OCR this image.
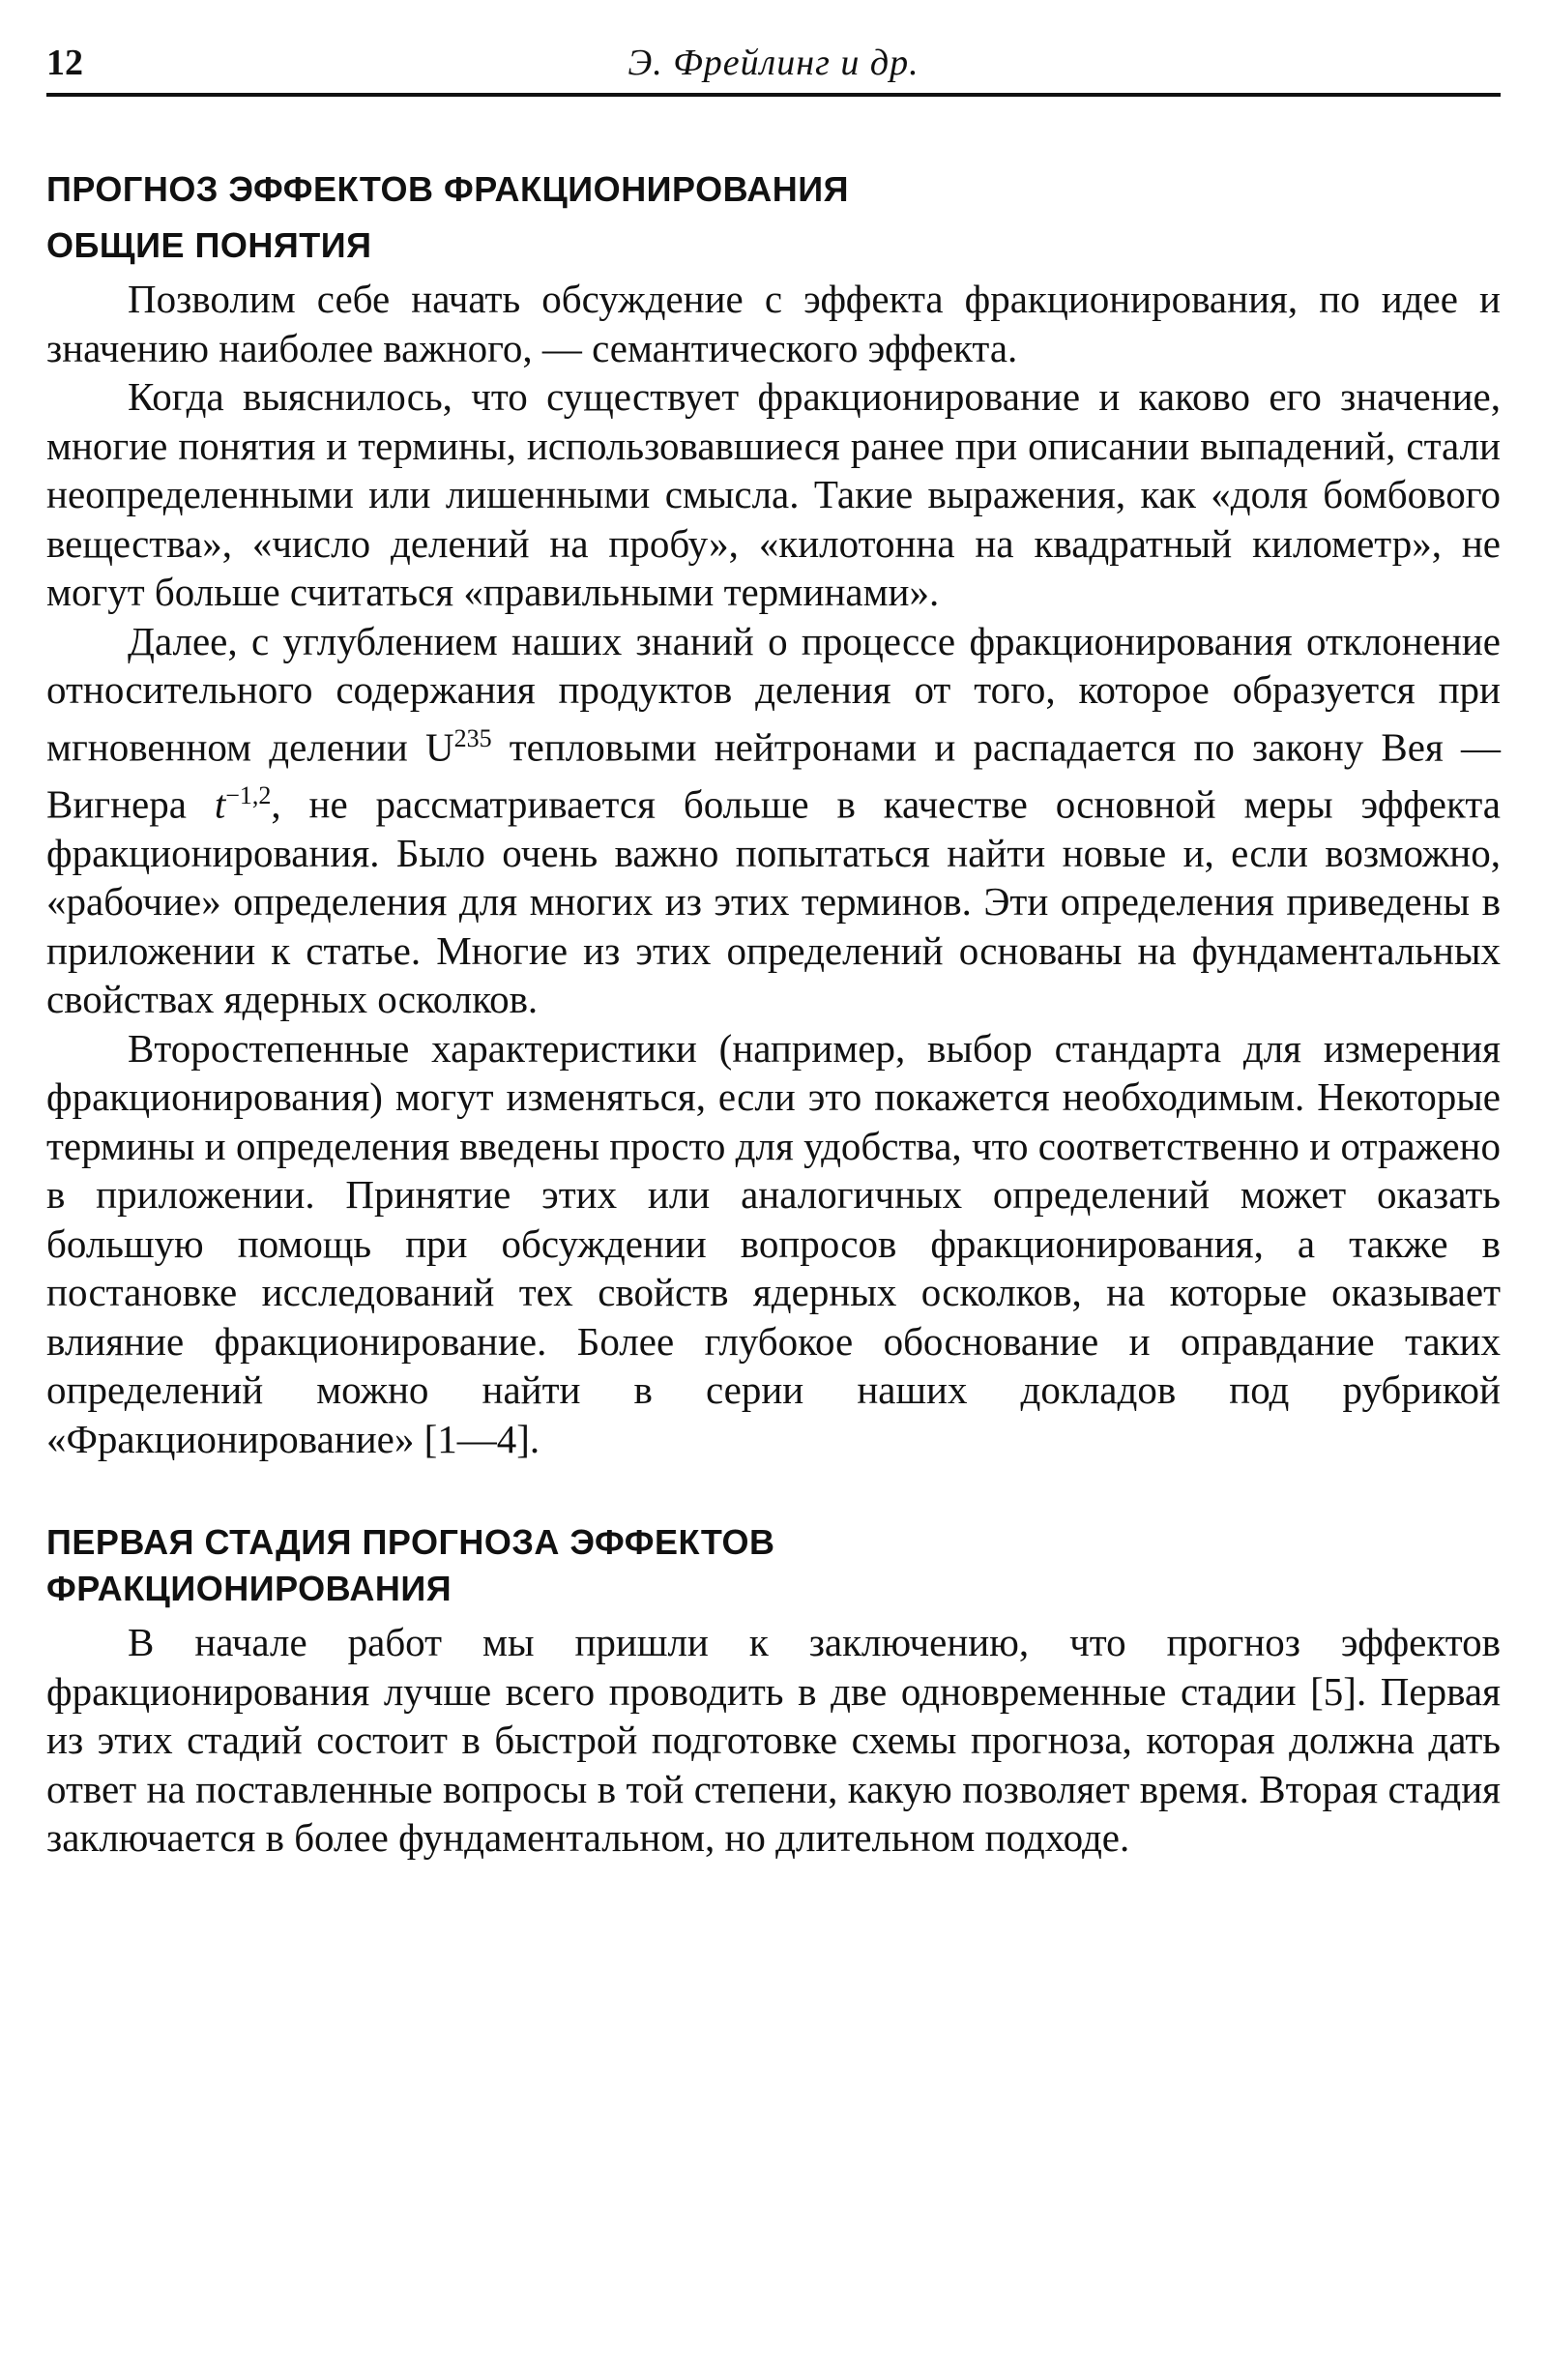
12	Э. Фрейлинг и др.
ПРОГНОЗ ЭФФЕКТОВ ФРАКЦИОНИРОВАНИЯ
ОБЩИЕ ПОНЯТИЯ

Позволим себе начать обсуждение с эффекта фракционирования, по идее и значению наиболее важного, — семантического эффекта.

Когда выяснилось, что существует фракционирование и каково его значение, многие понятия и термины, использовавшиеся ранее при описании выпадений, стали неопределенными или лишенными смысла. Такие выражения, как «доля бомбового вещества», «число делений на пробу», «килотонна на квадратный километр», не могут больше считаться «правильными терминами».

Далее, с углублением наших знаний о процессе фракционирования отклонение относительного содержания продуктов деления от того, которое образуется при мгновенном делении $U^{235}$ тепловыми нейтронами и распадается по закону Вея — Вигнера $t^{-1,2}$, не рассматривается больше в качестве основной меры эффекта фракционирования. Было очень важно попытаться найти новые и, если возможно, «рабочие» определения для многих из этих терминов. Эти определения приведены в приложении к статье. Многие из этих определений основаны на фундаментальных свойствах ядерных осколков.

Второстепенные характеристики (например, выбор стандарта для измерения фракционирования) могут изменяться, если это покажется необходимым. Некоторые термины и определения введены просто для удобства, что соответственно и отражено в приложении. Принятие этих или аналогичных определений может оказать большую помощь при обсуждении вопросов фракционирования, а также в постановке исследований тех свойств ядерных осколков, на которые оказывает влияние фракционирование. Более глубокое обоснование и оправдание таких определений можно найти в серии наших докладов под рубрикой «Фракционирование» [1—4].

ПЕРВАЯ СТАДИЯ ПРОГНОЗА ЭФФЕКТОВ ФРАКЦИОНИРОВАНИЯ

В начале работ мы пришли к заключению, что прогноз эффектов фракционирования лучше всего проводить в две одновременные стадии [5]. Первая из этих стадий состоит в быстрой подготовке схемы прогноза, которая должна дать ответ на поставленные вопросы в той степени, какую позволяет время. Вторая стадия заключается в более фундаментальном, но длительном подходе.
